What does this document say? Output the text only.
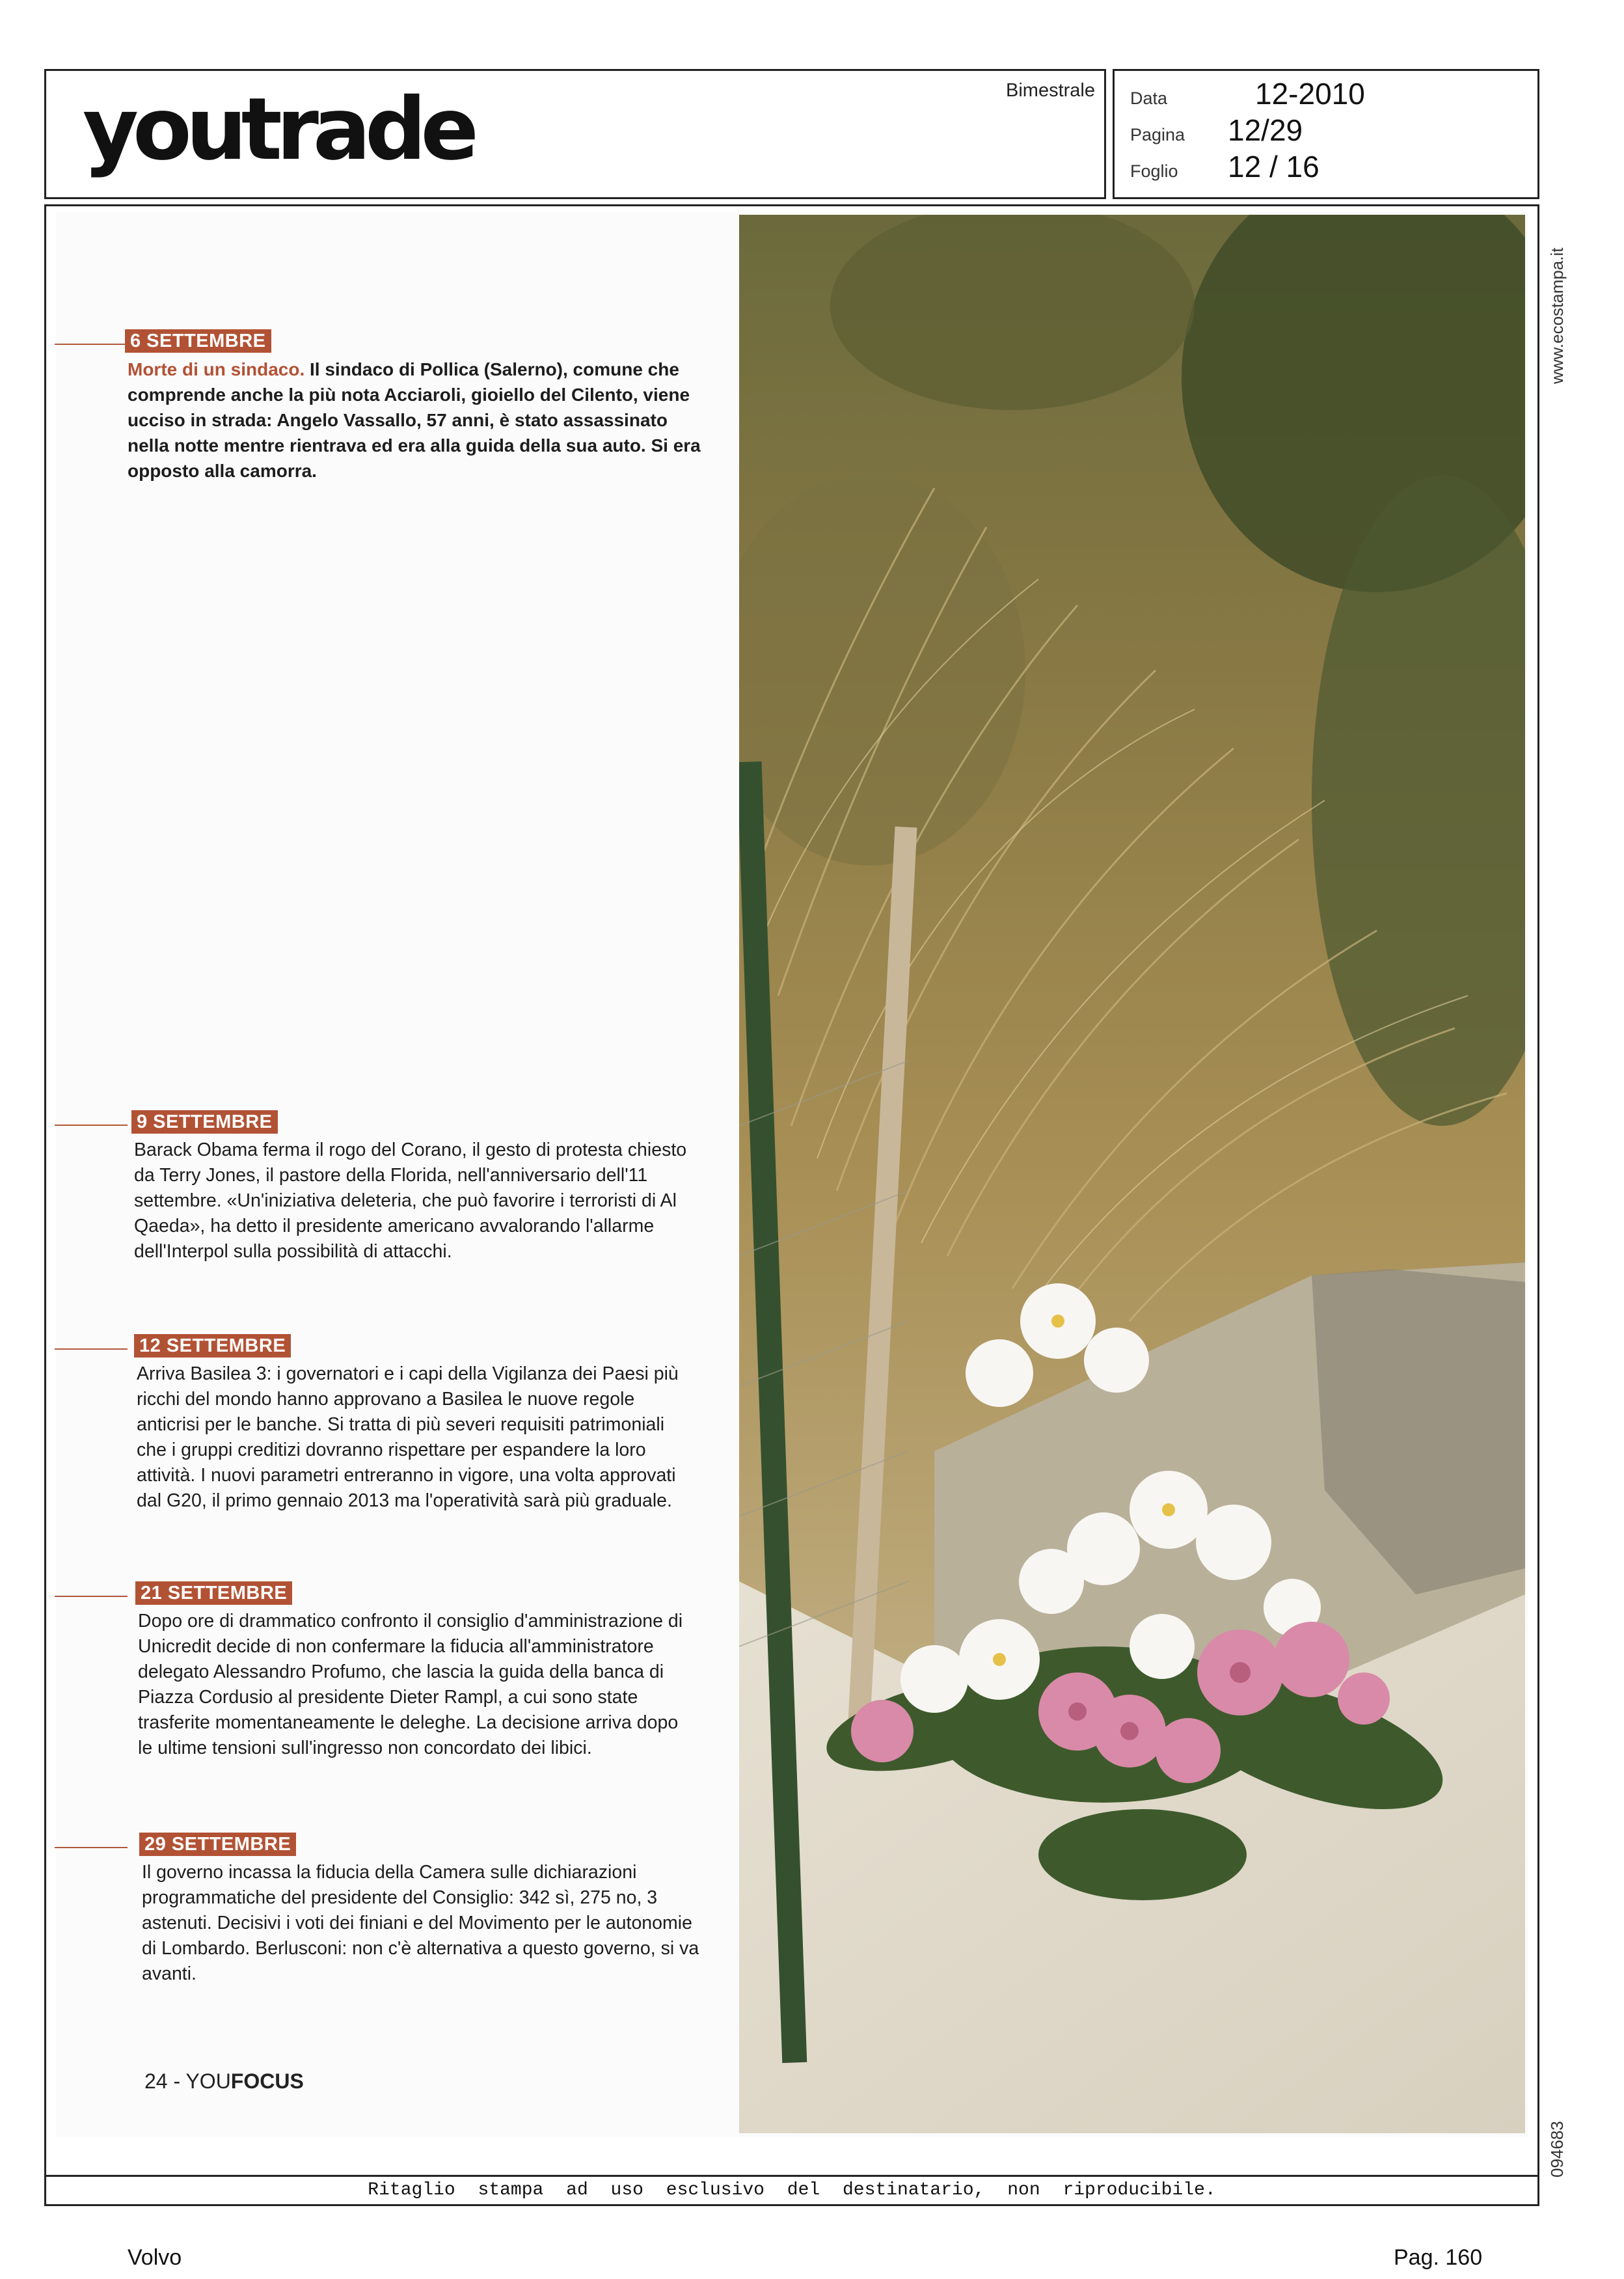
youtrade	Bimestrale Data	12-2010
Pagina	12/29
Foglio	12 / 16
6 SETTEMBRE
Morte di un sindaco. Il sindaco di Pollica (Salerno), comune che comprende anche la più nota Acciaroli, gioiello del Cilento, viene ucciso in strada: Angelo Vassallo, 57 anni, è stato assassinato nella notte mentre rientrava ed era alla guida della sua auto. Si era opposto alla camorra.
9 SETTEMBRE
Barack Obama ferma il rogo del Corano, il gesto di protesta chiesto da Terry Jones, il pastore della Florida, nell'anniversario dell'11 settembre. «Un'iniziativa deleteria, che può favorire i terroristi di Al Qaeda», ha detto il presidente americano avvalorando l'allarme dell'Interpol sulla possibilità di attacchi.
12 SETTEMBRE
Arriva Basilea 3: i governatori e i capi della Vigilanza dei Paesi più ricchi del mondo hanno approvano a Basilea le nuove regole anticrisi per le banche. Si tratta di più severi requisiti patrimoniali che i gruppi creditizi dovranno rispettare per espandere la loro attività. I nuovi parametri entreranno in vigore, una volta approvati dal G20, il primo gennaio 2013 ma l'operatività sarà più graduale.
21 SETTEMBRE
Dopo ore di drammatico confronto il consiglio d'amministrazione di Unicredit decide di non confermare la fiducia all'amministratore delegato Alessandro Profumo, che lascia la guida della banca di Piazza Cordusio al presidente Dieter Rampl, a cui sono state trasferite momentaneamente le deleghe. La decisione arriva dopo le ultime tensioni sull'ingresso non concordato dei libici.
29 SETTEMBRE
Il governo incassa la fiducia della Camera sulle dichiarazioni programmatiche del presidente del Consiglio: 342 sì, 275 no, 3 astenuti. Decisivi i voti dei finiani e del Movimento per le autonomie di Lombardo. Berlusconi: non c'è alternativa a questo governo, si va avanti.
24 - YOUFOCUS
www.ecostampa.it
094683
Ritaglio stampa ad uso esclusivo del destinatario, non riproducibile.
Volvo	Pag. 160
